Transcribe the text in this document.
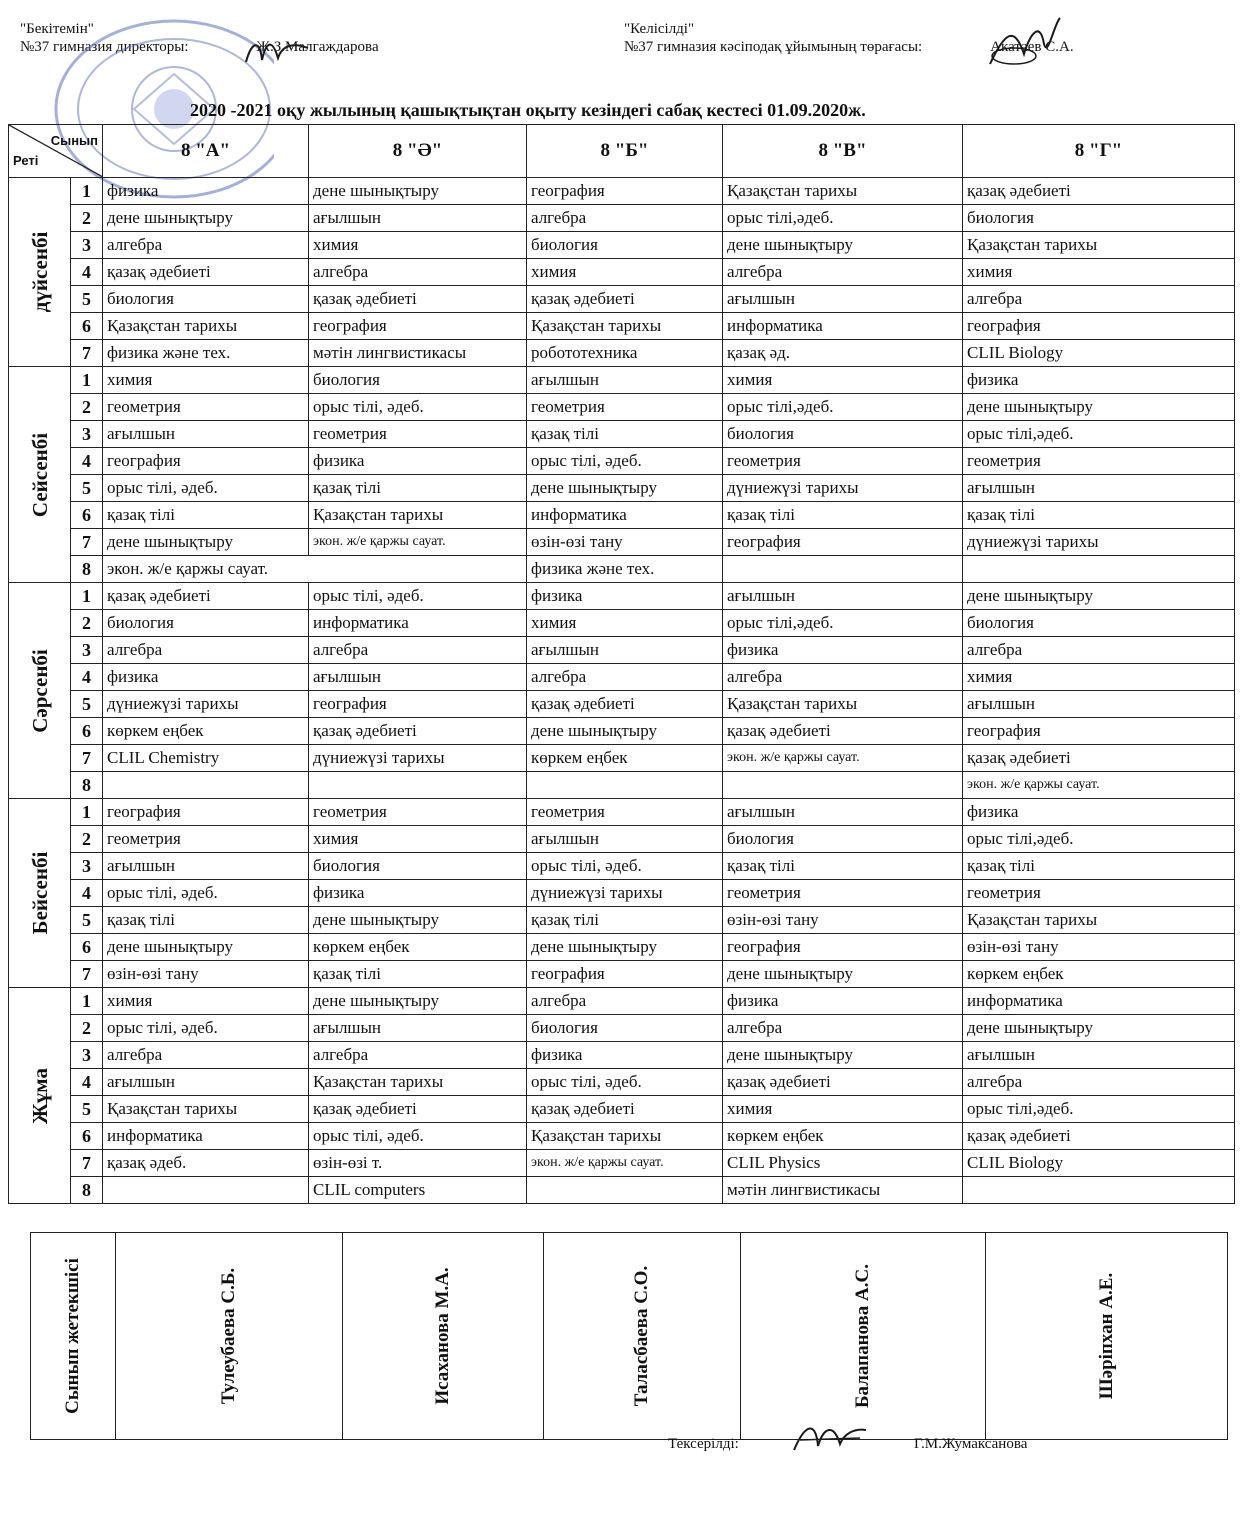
"Бекітемін"
№37 гимназия директоры:	Ж.З.Малгаждарова
"Келісілді"
№37 гимназия кәсіподақ ұйымының төрағасы:	Акатаев С.А.
2020 -2021 оқу жылының қашықтықтан оқыту кезіндегі сабақ кестесі 01.09.2020ж.
Сынып
Реті		8 "А"	8 "Ә"	8 "Б"	8 "В"	8 "Г"

дүйсенбі	1	физика	дене шынықтыру	география	Қазақстан тарихы	қазақ әдебиеті
	2	дене шынықтыру	ағылшын	алгебра	орыс тілі,әдеб.	биология
	3	алгебра	химия	биология	дене шынықтыру	Қазақстан тарихы
	4	қазақ әдебиеті	алгебра	химия	алгебра	химия
	5	биология	қазақ әдебиеті	қазақ әдебиеті	ағылшын	алгебра
	6	Қазақстан тарихы	география	Қазақстан тарихы	информатика	география
	7	физика және тех.	мәтін лингвистикасы	робототехника	қазақ әд.	CLIL Biology

Сейсенбі	1	химия	биология	ағылшын	химия	физика
	2	геометрия	орыс тілі, әдеб.	геометрия	орыс тілі,әдеб.	дене шынықтыру
	3	ағылшын	геометрия	қазақ тілі	биология	орыс тілі,әдеб.
	4	география	физика	орыс тілі, әдеб.	геометрия	геометрия
	5	орыс тілі, әдеб.	қазақ тілі	дене шынықтыру	дүниежүзі тарихы	ағылшын
	6	қазақ тілі	Қазақстан тарихы	информатика	қазақ тілі	қазақ тілі
	7	дене шынықтыру	экон. ж/е қаржы сауат.	өзін-өзі тану	география	дүниежүзі тарихы
	8	экон. ж/е қаржы сауат.		физика және тех.		

Сәрсенбі	1	қазақ әдебиеті	орыс тілі, әдеб.	физика	ағылшын	дене шынықтыру
	2	биология	информатика	химия	орыс тілі,әдеб.	биология
	3	алгебра	алгебра	ағылшын	физика	алгебра
	4	физика	ағылшын	алгебра	алгебра	химия
	5	дүниежүзі тарихы	география	қазақ әдебиеті	Қазақстан тарихы	ағылшын
	6	көркем еңбек	қазақ әдебиеті	дене шынықтыру	қазақ әдебиеті	география
	7	CLIL Chemistry	дүниежүзі тарихы	көркем еңбек	экон. ж/е қаржы сауат.	қазақ әдебиеті
	8					экон. ж/е қаржы сауат.

Бейсенбі	1	география	геометрия	геометрия	ағылшын	физика
	2	геометрия	химия	ағылшын	биология	орыс тілі,әдеб.
	3	ағылшын	биология	орыс тілі, әдеб.	қазақ тілі	қазақ тілі
	4	орыс тілі, әдеб.	физика	дүниежүзі тарихы	геометрия	геометрия
	5	қазақ тілі	дене шынықтыру	қазақ тілі	өзін-өзі тану	Қазақстан тарихы
	6	дене шынықтыру	көркем еңбек	дене шынықтыру	география	өзін-өзі тану
	7	өзін-өзі тану	қазақ тілі	география	дене шынықтыру	көркем еңбек

Жұма	1	химия	дене шынықтыру	алгебра	физика	информатика
	2	орыс тілі, әдеб.	ағылшын	биология	алгебра	дене шынықтыру
	3	алгебра	алгебра	физика	дене шынықтыру	ағылшын
	4	ағылшын	Қазақстан тарихы	орыс тілі, әдеб.	қазақ әдебиеті	алгебра
	5	Қазақстан тарихы	қазақ әдебиеті	қазақ әдебиеті	химия	орыс тілі,әдеб.
	6	информатика	орыс тілі, әдеб.	Қазақстан тарихы	көркем еңбек	қазақ әдебиеті
	7	қазақ әдеб.	өзін-өзі т.	экон. ж/е қаржы сауат.	CLIL Physics	CLIL Biology
	8		CLIL computers		мәтін лингвистикасы	
Сынып жетекшісі	Тулеубаева С.Б.	Исаханова М.А.	Талаcбаева С.О.	Балапанова А.С.	Шәріпхан А.Е.
Тексерілді:	Г.М.Жумаксанова
